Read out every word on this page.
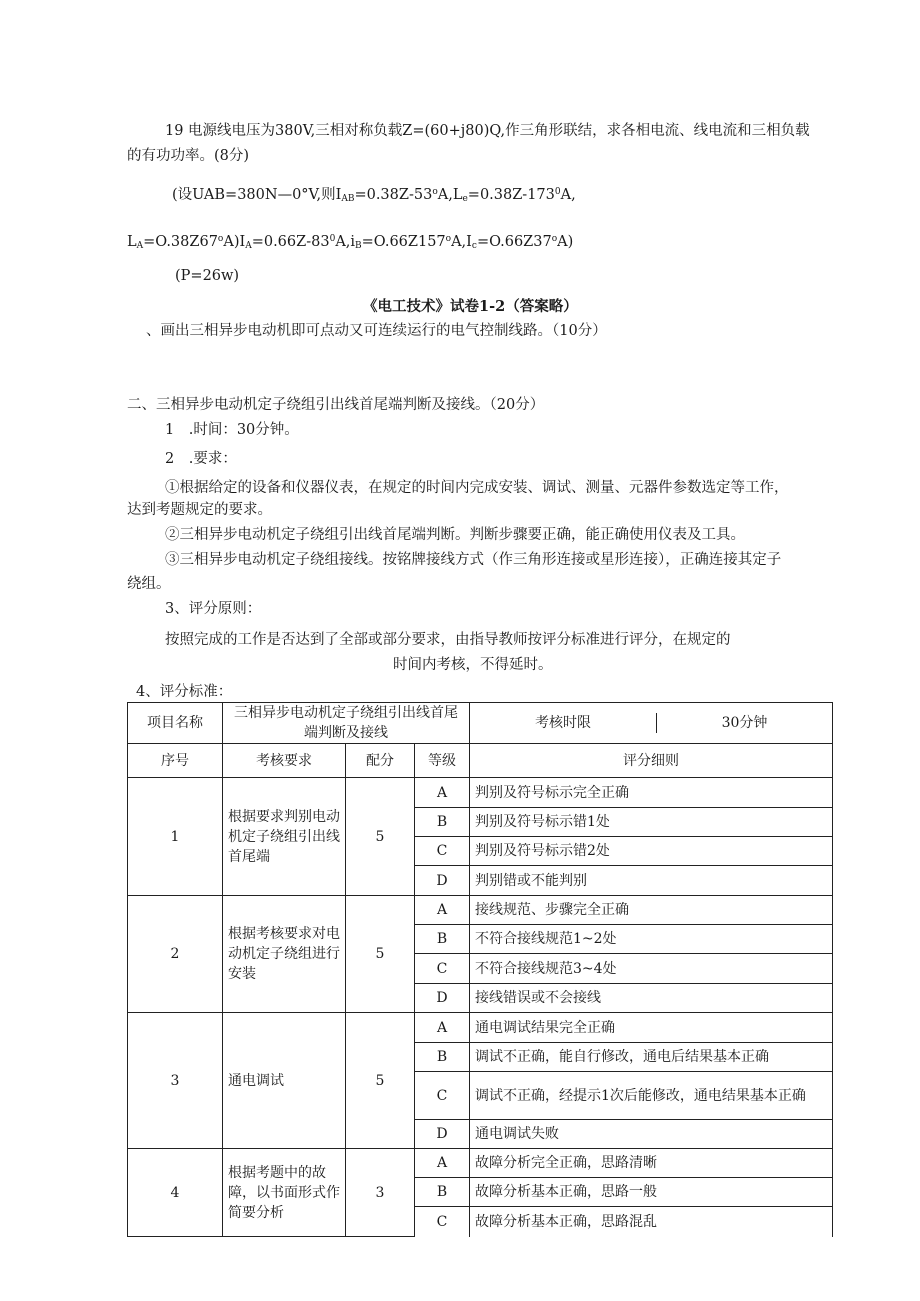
19 电源线电压为380V,三相对称负载Z=(60+j80)Q,作三角形联结，求各相电流、线电流和三相负载
的有功功率。(8分)
(设UAB=380N—0°V,则$I_{AB}=0.38Z-53^oA,L_e=0.38Z-173^0A$,
$L_A=O.38Z67^oA)I_A=0.66Z-83^0A,i_B=O.66Z157^oA,I_c=O.66Z37^oA$)
(P=26w)
《电工技术》试卷1-2（答案略）
、画出三相异步电动机即可点动又可连续运行的电气控制线路。（10分）
二、三相异步电动机定子绕组引出线首尾端判断及接线。（20分）
1　.时间：30分钟。
2　.要求：
①根据给定的设备和仪器仪表，在规定的时间内完成安装、调试、测量、元器件参数选定等工作，
达到考题规定的要求。
②三相异步电动机定子绕组引出线首尾端判断。判断步骤要正确，能正确使用仪表及工具。
③三相异步电动机定子绕组接线。按铭牌接线方式（作三角形连接或星形连接），正确连接其定子
绕组。
3、评分原则：
按照完成的工作是否达到了全部或部分要求，由指导教师按评分标准进行评分，在规定的
时间内考核，不得延时。
4、评分标准：
项目名称	三相异步电动机定子绕组引出线首尾端判断及接线	
考核时限	30分钟

序号	考核要求	配分	等级	评分细则
1	根据要求判别电动机定子绕组引出线首尾端	5	A	判别及符号标示完全正确
B	判别及符号标示错1处
C	判别及符号标示错2处
D	判别错或不能判别
2	根据考核要求对电动机定子绕组进行安装	5	A	接线规范、步骤完全正确
B	不符合接线规范1~2处
C	不符合接线规范3~4处
D	接线错误或不会接线
3	通电调试	5	A	通电调试结果完全正确
B	调试不正确，能自行修改，通电后结果基本正确
C	调试不正确，经提示1次后能修改，通电结果基本正确
D	通电调试失败
4	根据考题中的故障，以书面形式作简要分析	3	A	故障分析完全正确，思路清晰
B	故障分析基本正确，思路一般
C	故障分析基本正确，思路混乱
